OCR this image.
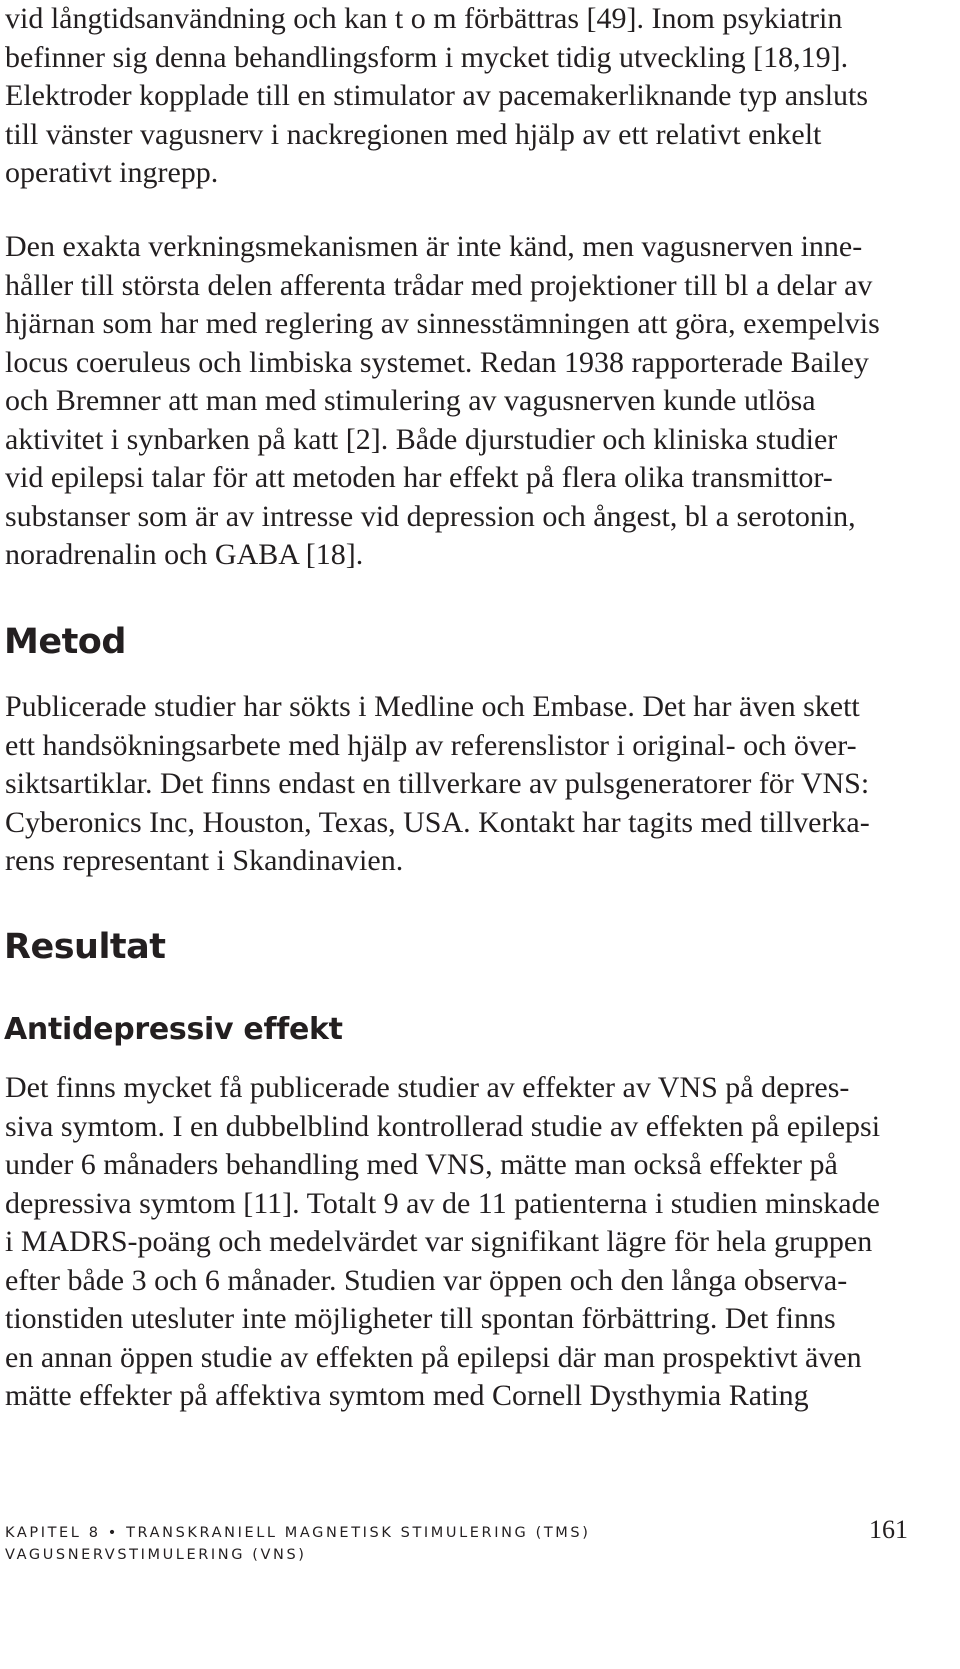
vid långtidsanvändning och kan t o m förbättras [49]. Inom psykiatrin
befinner sig denna behandlingsform i mycket tidig utveckling [18,19].
Elektroder kopplade till en stimulator av pacemakerliknande typ ansluts
till vänster vagusnerv i nackregionen med hjälp av ett relativt enkelt
operativt ingrepp.

Den exakta verkningsmekanismen är inte känd, men vagusnerven inne-
håller till största delen afferenta trådar med projektioner till bl a delar av
hjärnan som har med reglering av sinnesstämningen att göra, exempelvis
locus coeruleus och limbiska systemet. Redan 1938 rapporterade Bailey
och Bremner att man med stimulering av vagusnerven kunde utlösa
aktivitet i synbarken på katt [2]. Både djurstudier och kliniska studier
vid epilepsi talar för att metoden har effekt på flera olika transmittor-
substanser som är av intresse vid depression och ångest, bl a serotonin,
noradrenalin och GABA [18].

Metod

Publicerade studier har sökts i Medline och Embase. Det har även skett
ett handsökningsarbete med hjälp av referenslistor i original- och över-
siktsartiklar. Det finns endast en tillverkare av pulsgeneratorer för VNS:
Cyberonics Inc, Houston, Texas, USA. Kontakt har tagits med tillverka-
rens representant i Skandinavien.

Resultat
Antidepressiv effekt

Det finns mycket få publicerade studier av effekter av VNS på depres-
siva symtom. I en dubbelblind kontrollerad studie av effekten på epilepsi
under 6 månaders behandling med VNS, mätte man också effekter på
depressiva symtom [11]. Totalt 9 av de 11 patienterna i studien minskade
i MADRS-poäng och medelvärdet var signifikant lägre för hela gruppen
efter både 3 och 6 månader. Studien var öppen och den långa observa-
tionstiden utesluter inte möjligheter till spontan förbättring. Det finns
en annan öppen studie av effekten på epilepsi där man prospektivt även
mätte effekter på affektiva symtom med Cornell Dysthymia Rating

KAPITEL 8 • TRANSKRANIELL MAGNETISK STIMULERING (TMS)
VAGUSNERVSTIMULERING (VNS)
161
